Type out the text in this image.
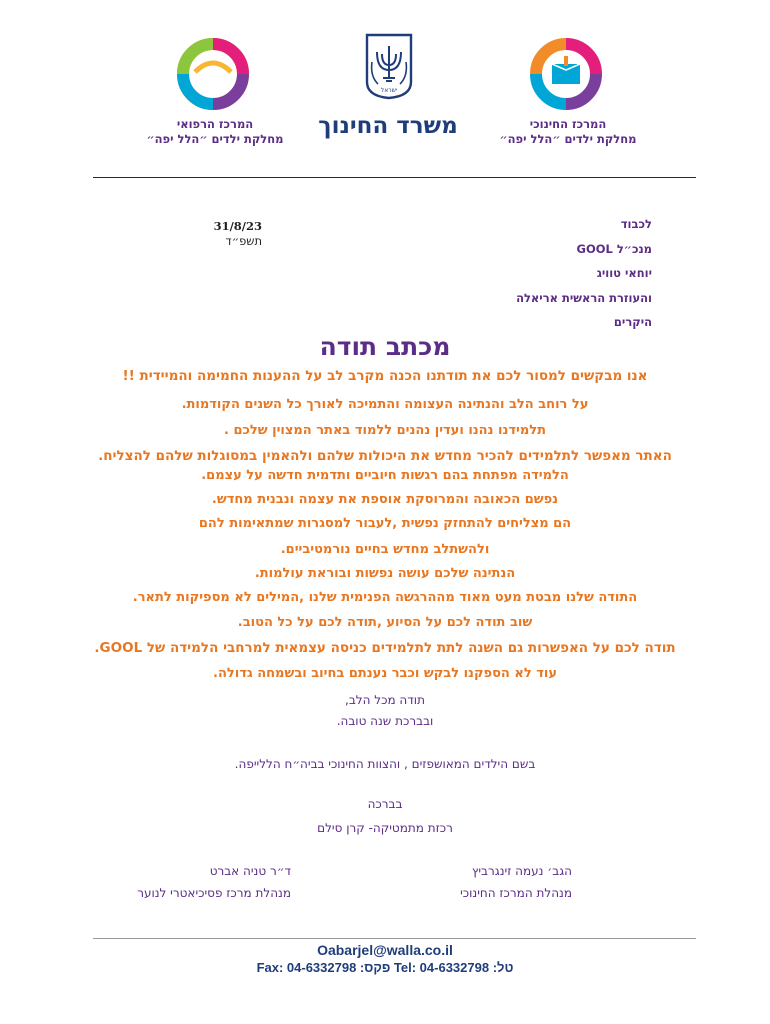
המרכז הרפואי
מחלקת ילדים ״הלל יפה״
ישראל
משרד החינוך	המרכז החינוכי
מחלקת ילדים ״הלל יפה״
לכבוד
מנכ״ל GOOL
יוחאי טוויג
והעוזרת הראשית אריאלה
היקרים
31/8/23
תשפ״ד
מכתב תודה
אנו מבקשים למסור לכם את תודתנו הכנה מקרב לב על ההענות החמימה והמיידית !!
על רוחב הלב והנתינה העצומה והתמיכה לאורך כל השנים הקודמות.
תלמידנו נהנו ועדין נהנים ללמוד באתר המצוין שלכם .
האתר מאפשר לתלמידים להכיר מחדש את היכולות שלהם ולהאמין במסוגלות שלהם להצליח.
הלמידה מפתחת בהם רגשות חיוביים ותדמית חדשה על עצמם.
נפשם הכאובה והמרוסקת אוספת את עצמה ונבנית מחדש.
הם מצליחים להתחזק נפשית ,לעבור למסגרות שמתאימות להם
ולהשתלב מחדש בחיים נורמטיביים.
הנתינה שלכם עושה נפשות ובוראת עולמות.
התודה שלנו מבטת מעט מאוד מההרגשה הפנימית שלנו ,המילים לא מספיקות לתאר.
שוב תודה לכם על הסיוע ,תודה לכם על כל הטוב.
תודה לכם על האפשרות גם השנה לתת לתלמידים כניסה עצמאית למרחבי הלמידה של GOOL.
עוד לא הספקנו לבקש וכבר נענתם בחיוב ובשמחה גדולה.
תודה מכל הלב,
ובברכת שנה טובה.
בשם הילדים המאושפזים , והצוות החינוכי בביה״ח הללייפה.
בברכה
רכזת מתמטיקה- קרן סילם
הגב׳ נעמה זינגרביץ
מנהלת המרכז החינוכי
ד״ר טניה אברט
מנהלת מרכז פסיכיאטרי לנוער
Oabarjel@walla.co.il
Fax: 04-6332798 :פקס Tel: 04-6332798 :טל
